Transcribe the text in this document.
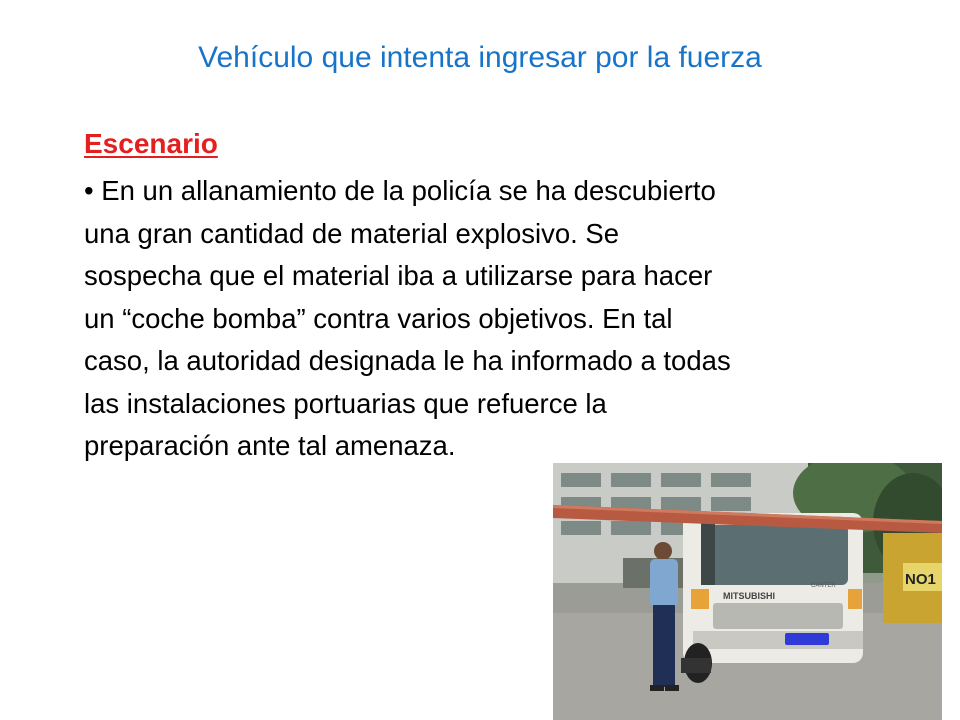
Vehículo que intenta ingresar por la fuerza
Escenario
• En un allanamiento de la policía se ha descubierto
una gran cantidad de material explosivo. Se
sospecha que el material iba a utilizarse para hacer
un “coche bomba” contra varios objetivos. En tal
caso, la autoridad designada le ha informado a todas
las instalaciones portuarias que refuerce la
preparación ante tal amenaza.
NO1
MITSUBISHI
CANTER
